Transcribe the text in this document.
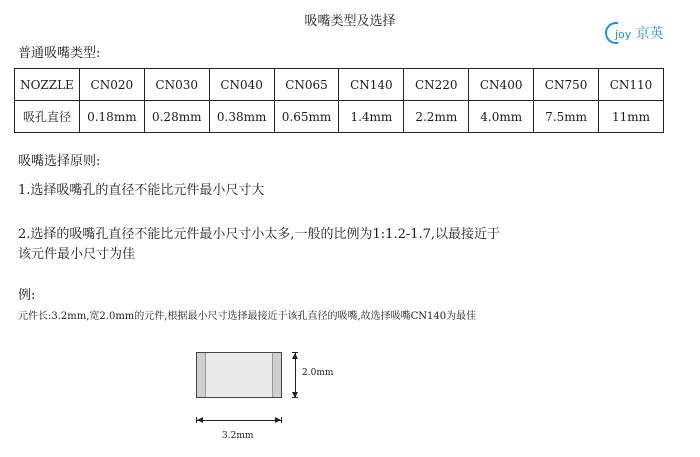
吸嘴类型及选择
joy 京英
普通吸嘴类型:
NOZZLE	CN020	CN030	CN040	CN065	CN140	CN220	CN400	CN750	CN110
吸孔直径	0.18mm	0.28mm	0.38mm	0.65mm	1.4mm	2.2mm	4.0mm	7.5mm	11mm
吸嘴选择原则:
1.选择吸嘴孔的直径不能比元件最小尺寸大
2.选择的吸嘴孔直径不能比元件最小尺寸小太多,一般的比例为1:1.2-1.7,以最接近于
该元件最小尺寸为佳
例:
元件长:3.2mm,宽2.0mm的元件,根据最小尺寸选择最接近于该孔直径的吸嘴,故选择吸嘴CN140为最佳
2.0mm
3.2mm
